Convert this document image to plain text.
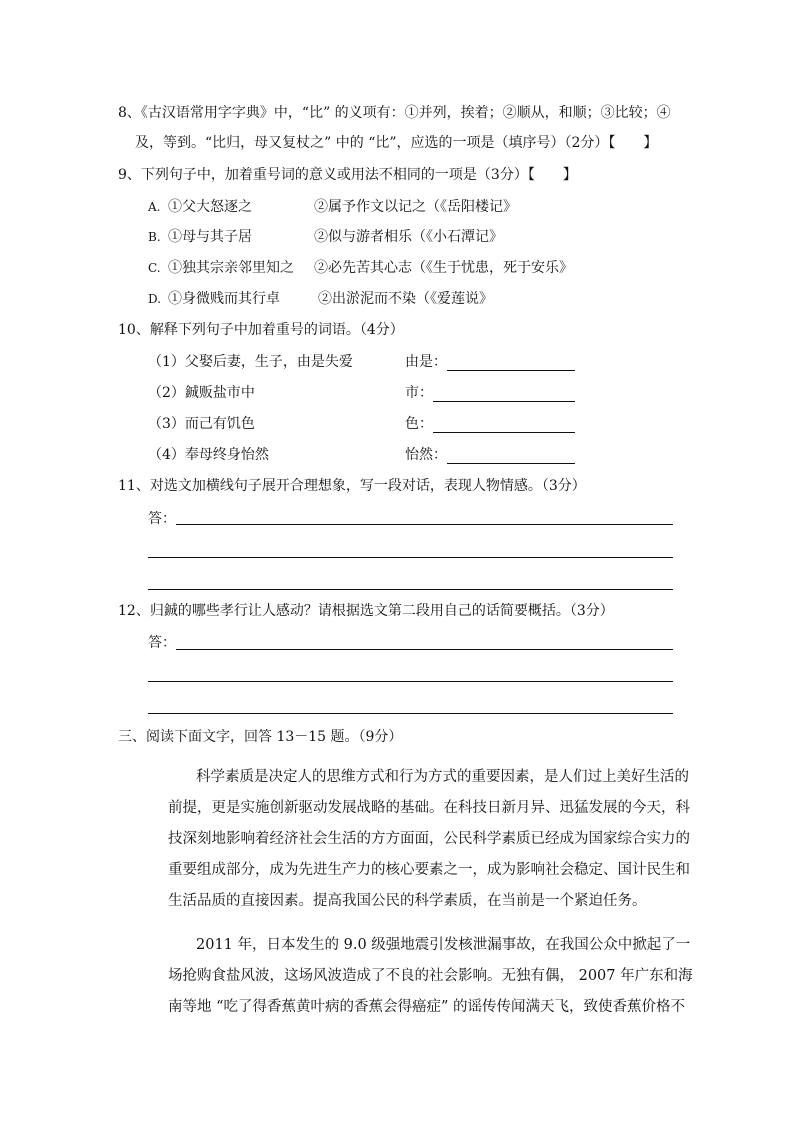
8、《古汉语常用字字典》中，“比” 的义项有：①并列，挨着；②顺从，和顺；③比较；④
及，等到。“比归，母又复杖之” 中的 “比”，应选的一项是（填序号）（2分）【　　】
9、下列句子中，加着重号词的意义或用法不相同的一项是（3分）【　　】
A. ①父大怒逐之	②属予作文以记之（《岳阳楼记》
B. ①母与其子居	②似与游者相乐（《小石潭记》
C. ①独其宗亲邻里知之 ②必先苦其心志（《生于忧患，死于安乐》
D. ①身微贱而其行卓	②出淤泥而不染（《爱莲说》
10、解释下列句子中加着重号的词语。（4分）
（1）父娶后妻，生子，由是失爱	由是：
（2）鋮贩盐市中	市：
（3）而己有饥色	色：
（4）奉母终身怡然	怡然：
11、对选文加横线句子展开合理想象，写一段对话，表现人物情感。（3分）
答：
12、归鋮的哪些孝行让人感动？请根据选文第二段用自己的话简要概括。（3分）
答：
三、阅读下面文字，回答 13－15 题。（9分）
科学素质是决定人的思维方式和行为方式的重要因素，是人们过上美好生活的
前提，更是实施创新驱动发展战略的基础。在科技日新月异、迅猛发展的今天，科
技深刻地影响着经济社会生活的方方面面，公民科学素质已经成为国家综合实力的
重要组成部分，成为先进生产力的核心要素之一，成为影响社会稳定、国计民生和
生活品质的直接因素。提高我国公民的科学素质，在当前是一个紧迫任务。
2011 年，日本发生的 9.0 级强地震引发核泄漏事故，在我国公众中掀起了一
场抢购食盐风波，这场风波造成了不良的社会影响。无独有偶， 2007 年广东和海
南等地 “吃了得香蕉黄叶病的香蕉会得癌症” 的谣传传闻满天飞，致使香蕉价格不
